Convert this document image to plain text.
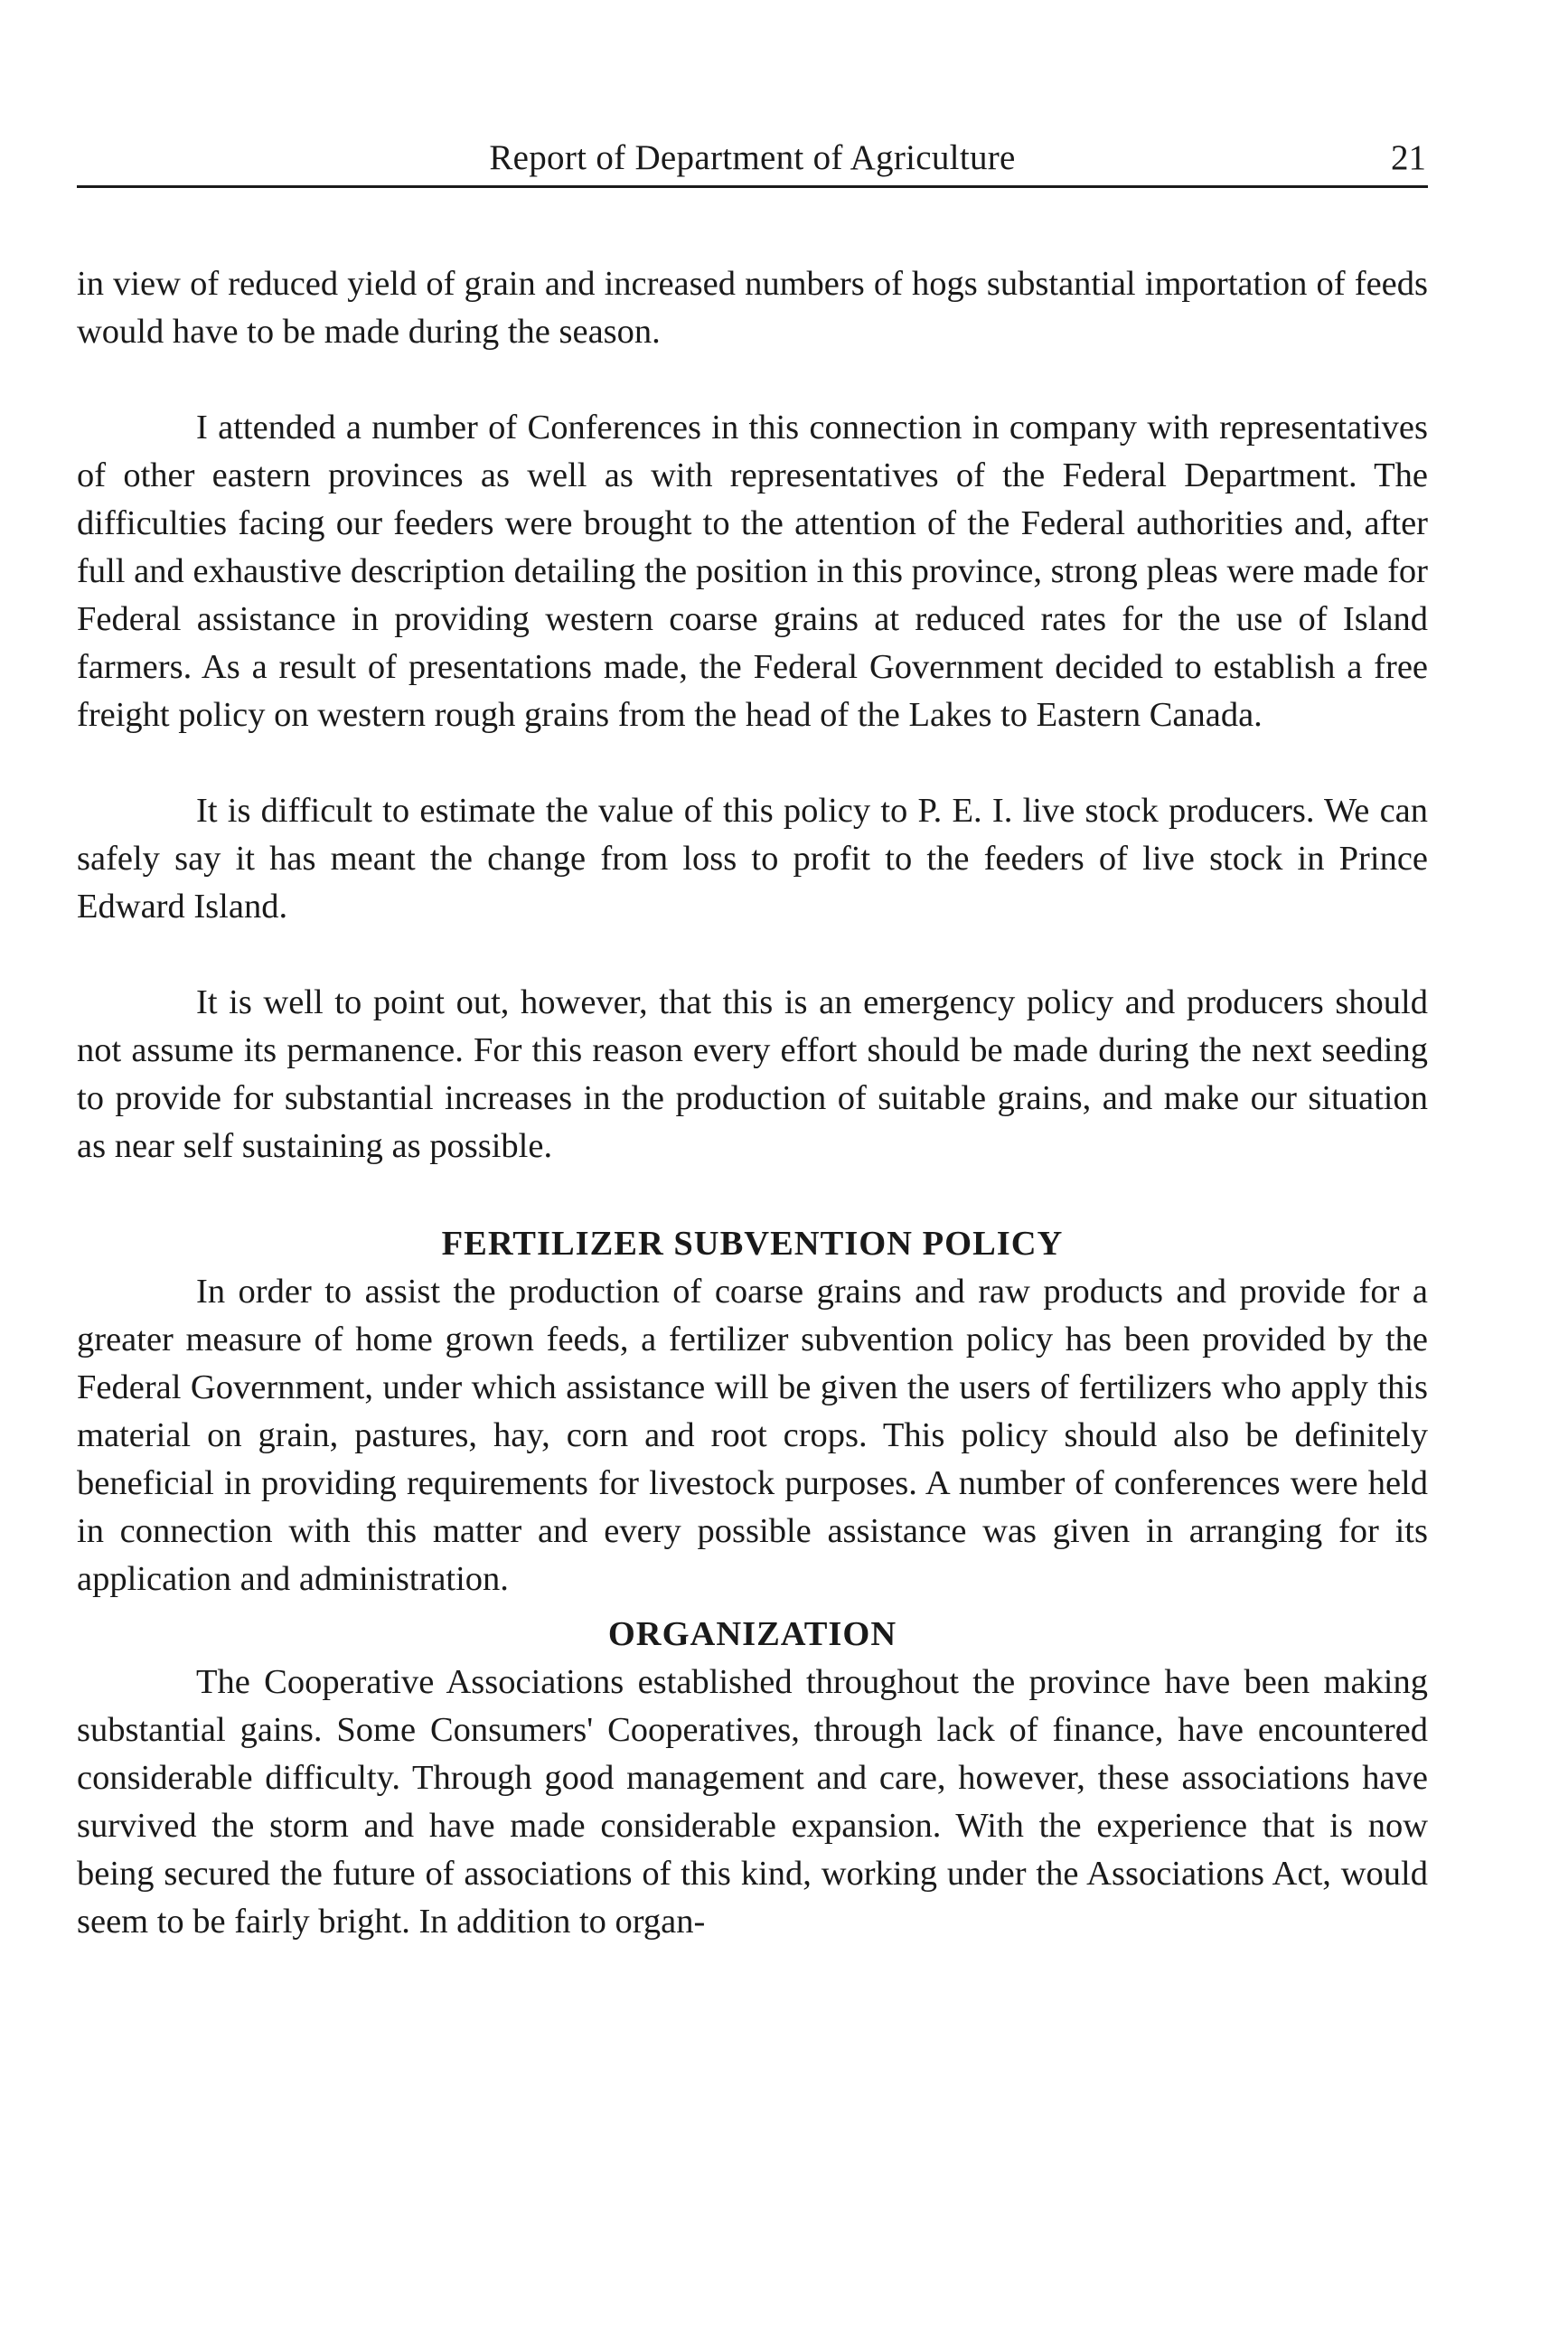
Report of Department of Agriculture	21

in view of reduced yield of grain and increased numbers of hogs substantial importation of feeds would have to be made during the season.

I attended a number of Conferences in this connection in company with representatives of other eastern provinces as well as with representatives of the Federal Department. The difficulties facing our feeders were brought to the attention of the Federal authorities and, after full and exhaustive description detailing the position in this province, strong pleas were made for Federal assistance in providing western coarse grains at reduced rates for the use of Island farmers. As a result of presentations made, the Federal Government decided to establish a free freight policy on western rough grains from the head of the Lakes to Eastern Canada.

It is difficult to estimate the value of this policy to P. E. I. live stock producers. We can safely say it has meant the change from loss to profit to the feeders of live stock in Prince Edward Island.

It is well to point out, however, that this is an emergency policy and producers should not assume its permanence. For this reason every effort should be made during the next seeding to provide for substantial increases in the production of suitable grains, and make our situation as near self sustaining as possible.

FERTILIZER SUBVENTION POLICY

In order to assist the production of coarse grains and raw products and provide for a greater measure of home grown feeds, a fertilizer subvention policy has been provided by the Federal Government, under which assistance will be given the users of fertilizers who apply this material on grain, pastures, hay, corn and root crops. This policy should also be definitely beneficial in providing requirements for livestock purposes. A number of conferences were held in connection with this matter and every possible assistance was given in arranging for its application and administration.

ORGANIZATION

The Cooperative Associations established throughout the province have been making substantial gains. Some Consumers' Cooperatives, through lack of finance, have encountered considerable difficulty. Through good management and care, however, these associations have survived the storm and have made considerable expansion. With the experience that is now being secured the future of associations of this kind, working under the Associations Act, would seem to be fairly bright. In addition to organ-
